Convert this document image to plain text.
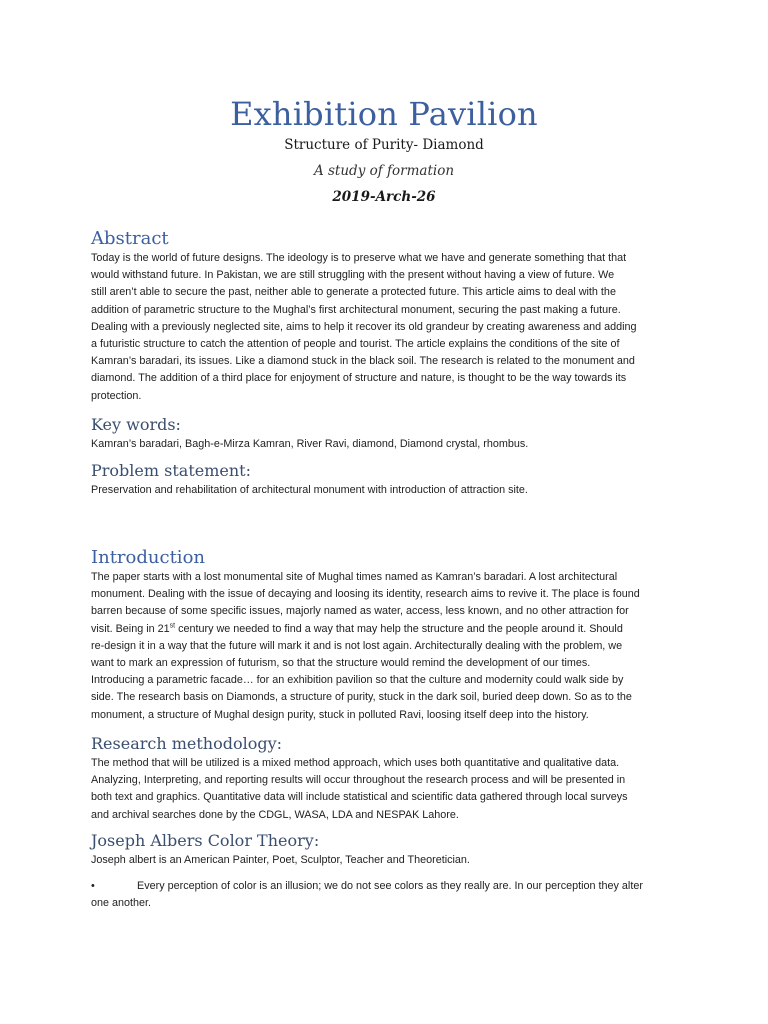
Exhibition Pavilion
Structure of Purity- Diamond
A study of formation
2019-Arch-26
Abstract

Today is the world of future designs. The ideology is to preserve what we have and generate something that that
would withstand future. In Pakistan, we are still struggling with the present without having a view of future. We
still aren’t able to secure the past, neither able to generate a protected future. This article aims to deal with the
addition of parametric structure to the Mughal’s first architectural monument, securing the past making a future.
Dealing with a previously neglected site, aims to help it recover its old grandeur by creating awareness and adding
a futuristic structure to catch the attention of people and tourist. The article explains the conditions of the site of
Kamran’s baradari, its issues. Like a diamond stuck in the black soil. The research is related to the monument and
diamond. The addition of a third place for enjoyment of structure and nature, is thought to be the way towards its
protection.

Key words:

Kamran’s baradari, Bagh-e-Mirza Kamran, River Ravi, diamond, Diamond crystal, rhombus.

Problem statement:

Preservation and rehabilitation of architectural monument with introduction of attraction site.

Introduction

The paper starts with a lost monumental site of Mughal times named as Kamran’s baradari. A lost architectural
monument. Dealing with the issue of decaying and loosing its identity, research aims to revive it. The place is found
barren because of some specific issues, majorly named as water, access, less known, and no other attraction for
visit. Being in 21st century we needed to find a way that may help the structure and the people around it. Should
re-design it in a way that the future will mark it and is not lost again. Architecturally dealing with the problem, we
want to mark an expression of futurism, so that the structure would remind the development of our times.
Introducing a parametric facade… for an exhibition pavilion so that the culture and modernity could walk side by
side. The research basis on Diamonds, a structure of purity, stuck in the dark soil, buried deep down. So as to the
monument, a structure of Mughal design purity, stuck in polluted Ravi, loosing itself deep into the history.

Research methodology:

The method that will be utilized is a mixed method approach, which uses both quantitative and qualitative data.
Analyzing, Interpreting, and reporting results will occur throughout the research process and will be presented in
both text and graphics. Quantitative data will include statistical and scientific data gathered through local surveys
and archival searches done by the CDGL, WASA, LDA and NESPAK Lahore.

Joseph Albers Color Theory:

Joseph albert is an American Painter, Poet, Sculptor, Teacher and Theoretician.

•	Every perception of color is an illusion; we do not see colors as they really are. In our perception they alter
one another.
